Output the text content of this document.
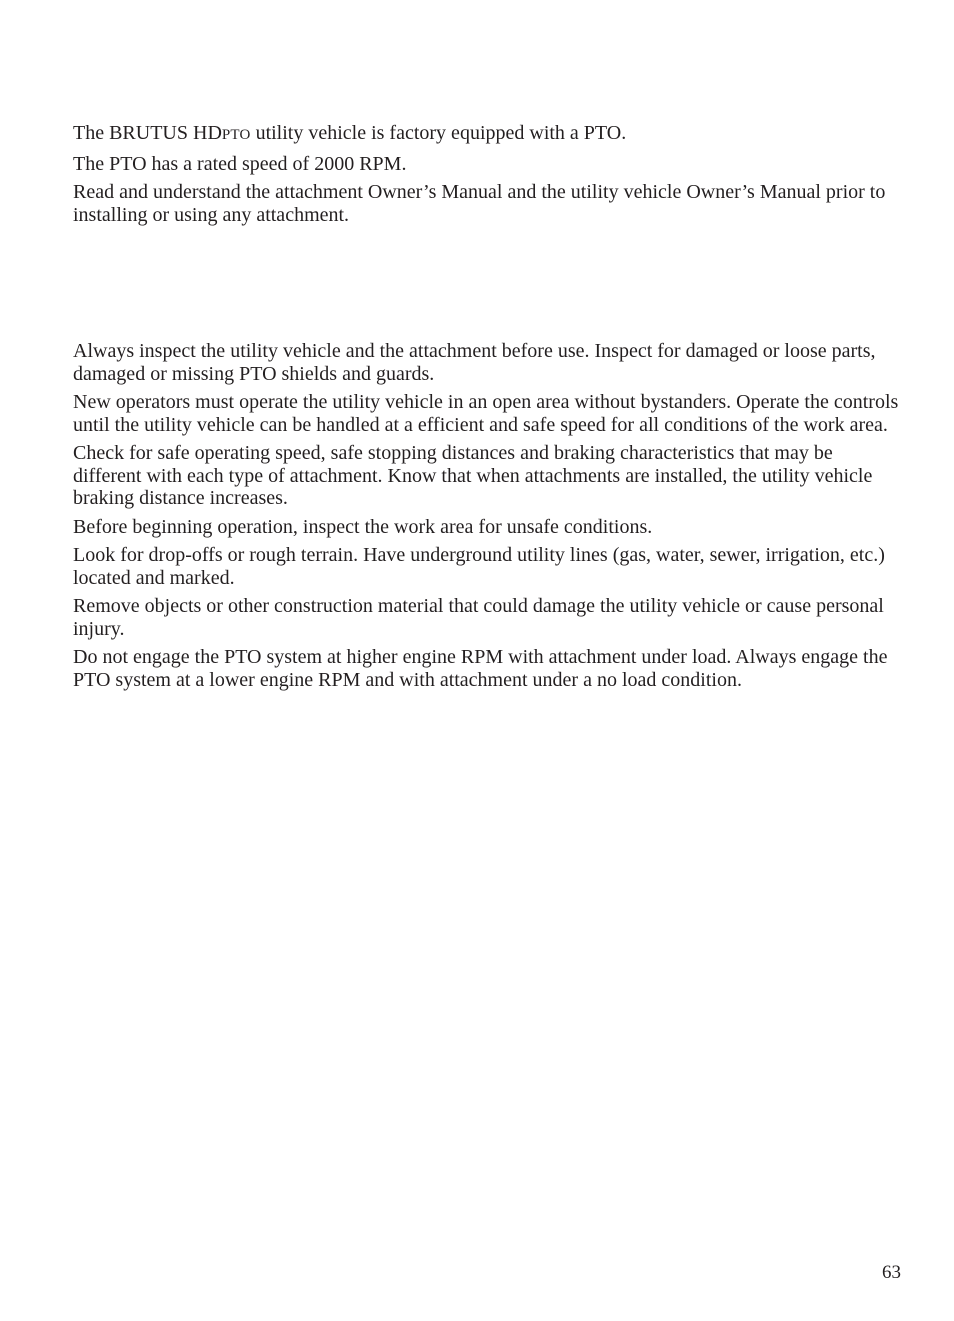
The BRUTUS HDPTO utility vehicle is factory equipped with a PTO.

The PTO has a rated speed of 2000 RPM.

Read and understand the attachment Owner’s Manual and the utility vehicle Owner’s Manual prior to installing or using any attachment.

Always inspect the utility vehicle and the attachment before use. Inspect for damaged or loose parts, damaged or missing PTO shields and guards.

New operators must operate the utility vehicle in an open area without bystanders. Operate the controls until the utility vehicle can be handled at a efficient and safe speed for all conditions of the work area.

Check for safe operating speed, safe stopping distances and braking characteristics that may be different with each type of attachment. Know that when attachments are installed, the utility vehicle braking distance increases.

Before beginning operation, inspect the work area for unsafe conditions.

Look for drop-offs or rough terrain. Have underground utility lines (gas, water, sewer, irrigation, etc.) located and marked.

Remove objects or other construction material that could damage the utility vehicle or cause personal injury.

Do not engage the PTO system at higher engine RPM with attachment under load. Always engage the PTO system at a lower engine RPM and with attachment under a no load condition.

63
